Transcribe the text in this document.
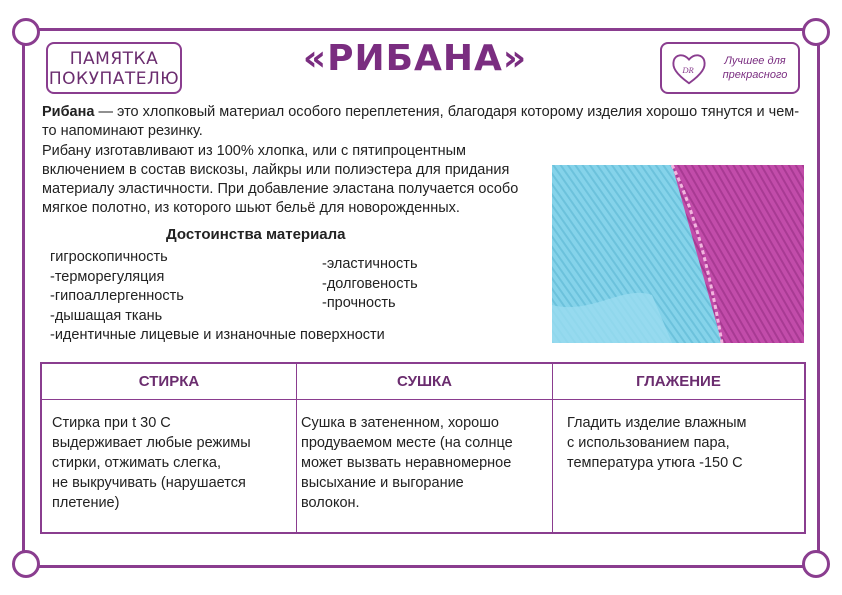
ПАМЯТКА
ПОКУПАТЕЛЮ	«РИБАНА»	DR
Лучшее для
прекрасного

Рибана — это хлопковый материал особого переплетения, благодаря которому изделия хорошо тянутся и чем-то напоминают резинку.

Рибану изготавливают из 100% хлопка, или с пятипроцентным включением в состав вискозы, лайкры или полиэстера для придания материалу эластичности. При добавление эластана получается особо мягкое полотно, из которого шьют бельё для новорожденных.
Достоинства материала
гигроскопичность
-терморегуляция
-гипоаллергенность
-дышащая ткань
-идентичные лицевые и изнаночные поверхности
-эластичность
-долговеность
-прочность
СТИРКА
Стирка при t 30 С
выдерживает любые режимы
стирки, отжимать слегка,
не выкручивать (нарушается
плетение)
СУШКА
Сушка в затененном, хорошо
продуваемом месте (на солнце
может вызвать неравномерное
высыхание и выгорание
волокон.
ГЛАЖЕНИЕ
Гладить изделие влажным
с использованием пара,
температура утюга -150 С
